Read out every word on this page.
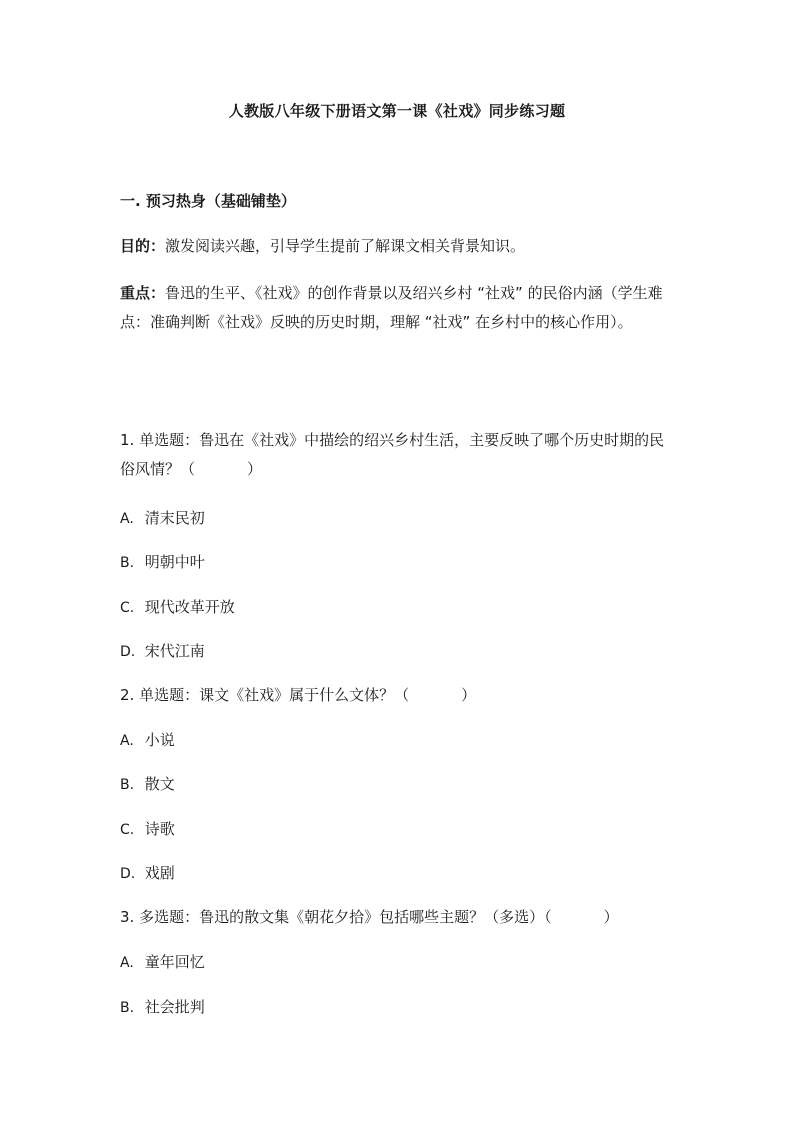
人教版八年级下册语文第一课《社戏》同步练习题
一. 预习热身（基础铺垫）
目的：激发阅读兴趣，引导学生提前了解课文相关背景知识。
重点：鲁迅的生平、《社戏》的创作背景以及绍兴乡村 “社戏” 的民俗内涵（学生难点：准确判断《社戏》反映的历史时期，理解 “社戏” 在乡村中的核心作用）。
1. 单选题：鲁迅在《社戏》中描绘的绍兴乡村生活，主要反映了哪个历史时期的民俗风情？（	）
A. 清末民初
B. 明朝中叶
C. 现代改革开放
D. 宋代江南
2. 单选题：课文《社戏》属于什么文体？（	）
A. 小说
B. 散文
C. 诗歌
D. 戏剧
3. 多选题：鲁迅的散文集《朝花夕拾》包括哪些主题？（多选）（	）
A. 童年回忆
B. 社会批判
